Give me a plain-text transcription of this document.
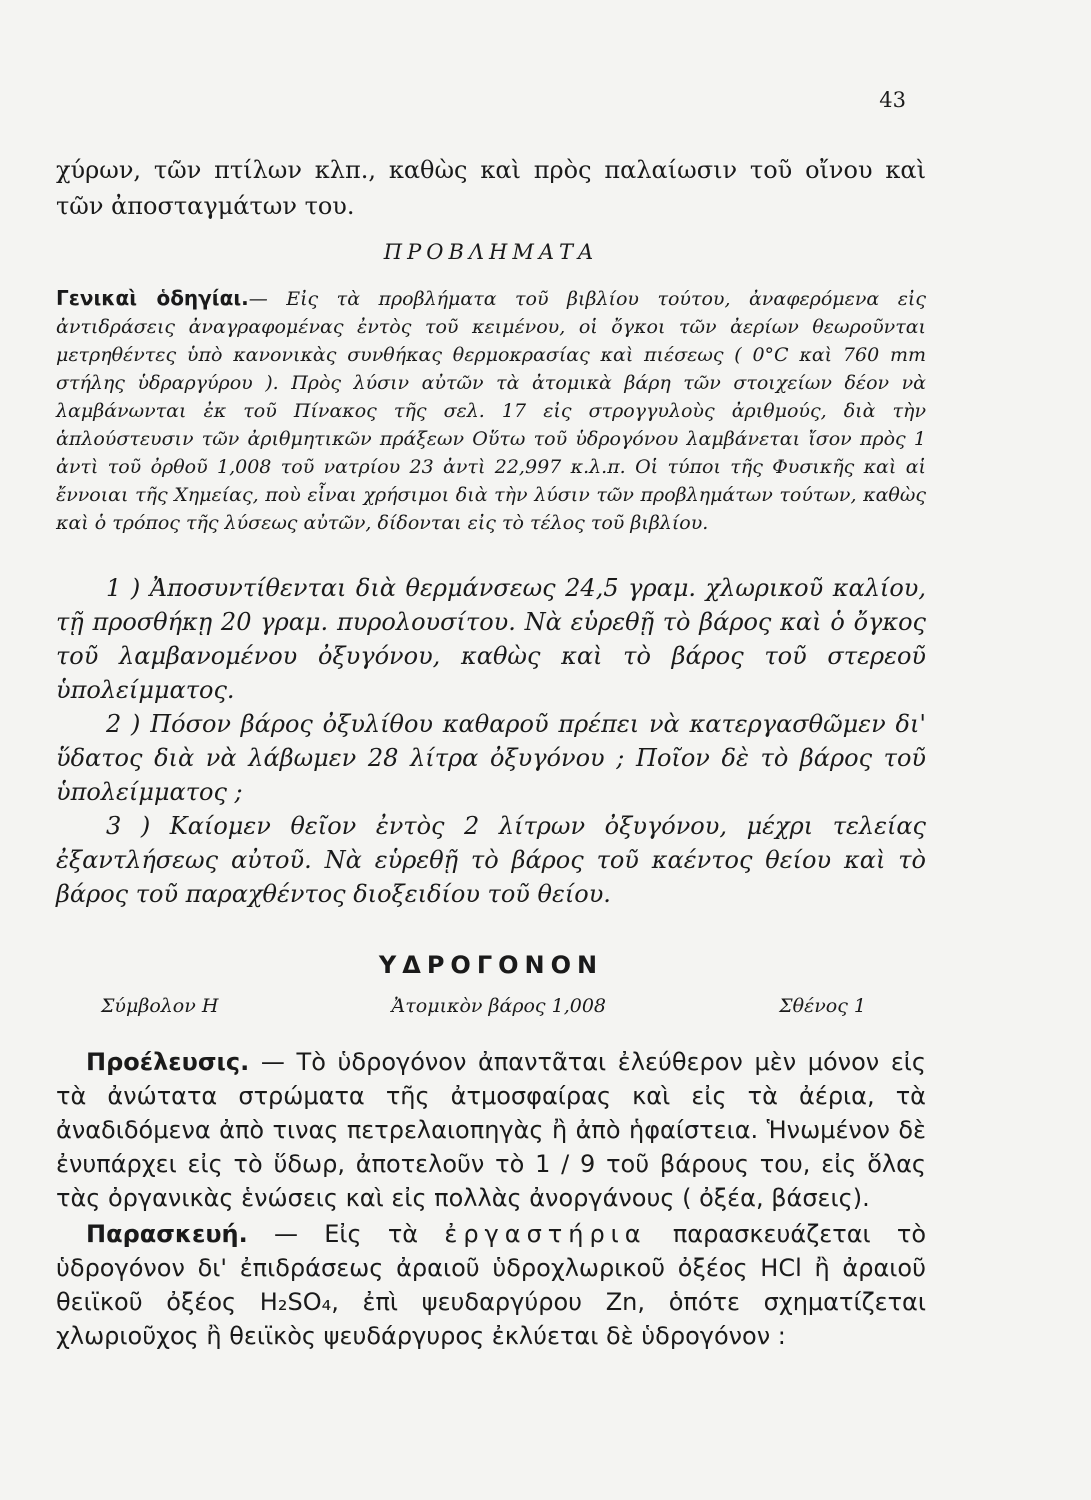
43

χύρων, τῶν πτίλων κλπ., καθὼς καὶ πρὸς παλαίωσιν τοῦ οἴνου καὶ τῶν ἀποσταγμάτων του.

ΠΡΟΒΛΗΜΑΤΑ

Γενικαὶ ὁδηγίαι.— Εἰς τὰ προβλήματα τοῦ βιβλίου τούτου, ἀναφερόμενα εἰς ἀντιδράσεις ἀναγραφομένας ἐντὸς τοῦ κειμένου, οἱ ὄγκοι τῶν ἀερίων θεωροῦνται μετρηθέντες ὑπὸ κανονικὰς συνθήκας θερμοκρασίας καὶ πιέσεως ( 0°C καὶ 760 mm στήλης ὑδραργύρου ). Πρὸς λύσιν αὐτῶν τὰ ἀτομικὰ βάρη τῶν στοιχείων δέον νὰ λαμβάνωνται ἐκ τοῦ Πίνακος τῆς σελ. 17 εἰς στρογγυλοὺς ἀριθμούς, διὰ τὴν ἁπλούστευσιν τῶν ἀριθμητικῶν πράξεων Οὕτω τοῦ ὑδρογόνου λαμβάνεται ἴσον πρὸς 1 ἀντὶ τοῦ ὀρθοῦ 1,008 τοῦ νατρίου 23 ἀντὶ 22,997 κ.λ.π. Οἱ τύποι τῆς Φυσικῆς καὶ αἱ ἔννοιαι τῆς Χημείας, ποὺ εἶναι χρήσιμοι διὰ τὴν λύσιν τῶν προβλημάτων τούτων, καθὼς καὶ ὁ τρόπος τῆς λύσεως αὐτῶν, δίδονται εἰς τὸ τέλος τοῦ βιβλίου.

1 ) Ἀποσυντίθενται διὰ θερμάνσεως 24,5 γραμ. χλωρικοῦ καλίου, τῇ προσθήκῃ 20 γραμ. πυρολουσίτου. Νὰ εὑρεθῇ τὸ βάρος καὶ ὁ ὄγκος τοῦ λαμβανομένου ὀξυγόνου, καθὼς καὶ τὸ βάρος τοῦ στερεοῦ ὑπολείμματος.

2 ) Πόσον βάρος ὀξυλίθου καθαροῦ πρέπει νὰ κατεργασθῶμεν δι' ὕδατος διὰ νὰ λάβωμεν 28 λίτρα ὀξυγόνου ; Ποῖον δὲ τὸ βάρος τοῦ ὑπολείμματος ;

3 ) Καίομεν θεῖον ἐντὸς 2 λίτρων ὀξυγόνου, μέχρι τελείας ἐξαντλήσεως αὐτοῦ. Νὰ εὑρεθῇ τὸ βάρος τοῦ καέντος θείου καὶ τὸ βάρος τοῦ παραχθέντος διοξειδίου τοῦ θείου.

ΥΔΡΟΓΟΝΟΝ
Σύμβολον Η	Ἀτομικὸν βάρος 1,008	Σθένος 1

Προέλευσις. — Τὸ ὑδρογόνον ἀπαντᾶται ἐλεύθερον μὲν μόνον εἰς τὰ ἀνώτατα στρώματα τῆς ἀτμοσφαίρας καὶ εἰς τὰ ἀέρια, τὰ ἀναδιδόμενα ἀπὸ τινας πετρελαιοπηγὰς ἢ ἀπὸ ἡφαίστεια. Ἡνωμένον δὲ ἐνυπάρχει εἰς τὸ ὕδωρ, ἀποτελοῦν τὸ 1 / 9 τοῦ βάρους του, εἰς ὅλας τὰς ὀργανικὰς ἑνώσεις καὶ εἰς πολλὰς ἀνοργάνους ( ὀξέα, βάσεις).

Παρασκευή. — Εἰς τὰ ἐργαστήρια παρασκευάζεται τὸ ὑδρογόνον δι' ἐπιδράσεως ἀραιοῦ ὑδροχλωρικοῦ ὀξέος HCl ἢ ἀραιοῦ θειϊκοῦ ὀξέος H₂SO₄, ἐπὶ ψευδαργύρου Zn, ὁπότε σχηματίζεται χλωριοῦχος ἢ θειϊκὸς ψευδάργυρος ἐκλύεται δὲ ὑδρογόνον :
